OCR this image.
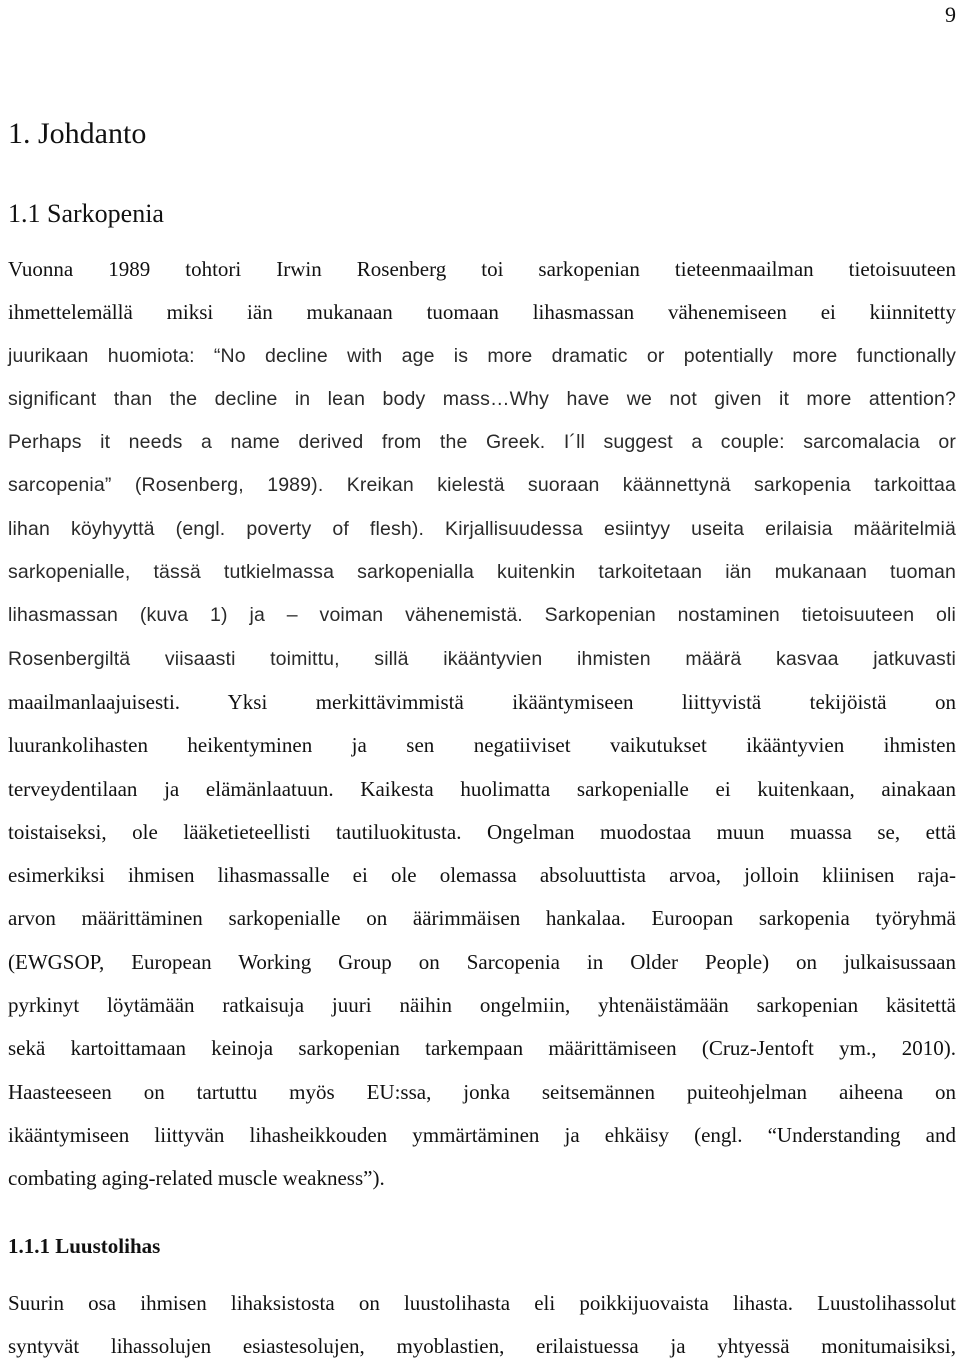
9
1. Johdanto
1.1 Sarkopenia
Vuonna 1989 tohtori Irwin Rosenberg toi sarkopenian tieteenmaailman tietoisuuteen
ihmettelemällä miksi iän mukanaan tuomaan lihasmassan vähenemiseen ei kiinnitetty
juurikaan huomiota: “No decline with age is more dramatic or potentially more functionally
significant than the decline in lean body mass…Why have we not given it more attention?
Perhaps it needs a name derived from the Greek. I´ll suggest a couple: sarcomalacia or
sarcopenia” (Rosenberg, 1989). Kreikan kielestä suoraan käännettynä sarkopenia tarkoittaa
lihan köyhyyttä (engl. poverty of flesh). Kirjallisuudessa esiintyy useita erilaisia määritelmiä
sarkopenialle, tässä tutkielmassa sarkopenialla kuitenkin tarkoitetaan iän mukanaan tuoman
lihasmassan (kuva 1) ja – voiman vähenemistä. Sarkopenian nostaminen tietoisuuteen oli
Rosenbergiltä viisaasti toimittu, sillä ikääntyvien ihmisten määrä kasvaa jatkuvasti
maailmanlaajuisesti. Yksi merkittävimmistä ikääntymiseen liittyvistä tekijöistä on
luurankolihasten heikentyminen ja sen negatiiviset vaikutukset ikääntyvien ihmisten
terveydentilaan ja elämänlaatuun. Kaikesta huolimatta sarkopenialle ei kuitenkaan, ainakaan
toistaiseksi, ole lääketieteellisti tautiluokitusta. Ongelman muodostaa muun muassa se, että
esimerkiksi ihmisen lihasmassalle ei ole olemassa absoluuttista arvoa, jolloin kliinisen raja-
arvon määrittäminen sarkopenialle on äärimmäisen hankalaa. Euroopan sarkopenia työryhmä
(EWGSOP, European Working Group on Sarcopenia in Older People) on julkaisussaan
pyrkinyt löytämään ratkaisuja juuri näihin ongelmiin, yhtenäistämään sarkopenian käsitettä
sekä kartoittamaan keinoja sarkopenian tarkempaan määrittämiseen (Cruz-Jentoft ym., 2010).
Haasteeseen on tartuttu myös EU:ssa, jonka seitsemännen puiteohjelman aiheena on
ikääntymiseen liittyvän lihasheikkouden ymmärtäminen ja ehkäisy (engl. “Understanding and
combating aging-related muscle weakness”).
1.1.1 Luustolihas
Suurin osa ihmisen lihaksistosta on luustolihasta eli poikkijuovaista lihasta. Luustolihassolut
syntyvät lihassolujen esiastesolujen, myoblastien, erilaistuessa ja yhtyessä monitumaisiksi,
